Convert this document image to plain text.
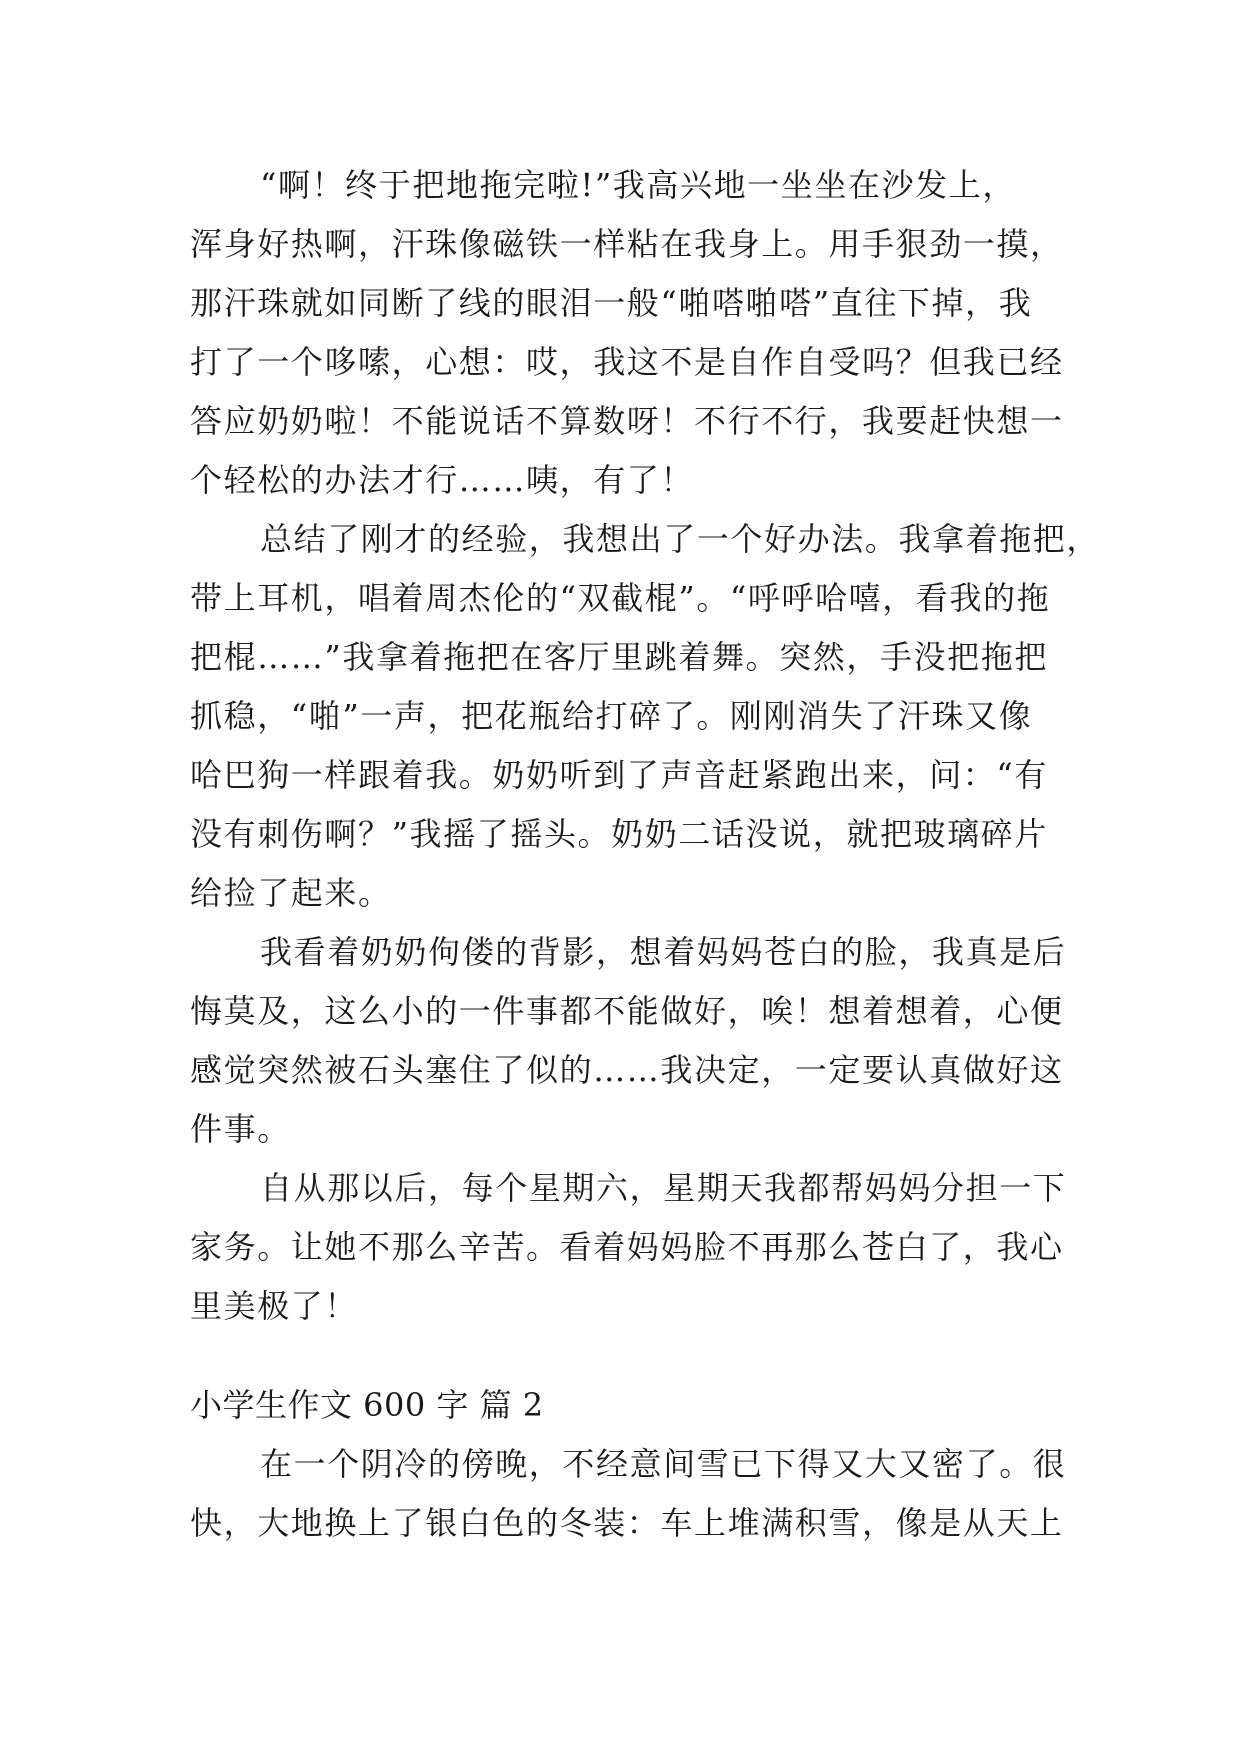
“啊！终于把地拖完啦!”我高兴地一坐坐在沙发上，
浑身好热啊，汗珠像磁铁一样粘在我身上。用手狠劲一摸，
那汗珠就如同断了线的眼泪一般“啪嗒啪嗒”直往下掉，我
打了一个哆嗦，心想：哎，我这不是自作自受吗？但我已经
答应奶奶啦！不能说话不算数呀！不行不行，我要赶快想一
个轻松的办法才行……咦，有了！
总结了刚才的经验，我想出了一个好办法。我拿着拖把，
带上耳机，唱着周杰伦的“双截棍”。“呼呼哈嘻，看我的拖
把棍……”我拿着拖把在客厅里跳着舞。突然，手没把拖把
抓稳，“啪”一声，把花瓶给打碎了。刚刚消失了汗珠又像
哈巴狗一样跟着我。奶奶听到了声音赶紧跑出来，问：“有
没有刺伤啊？”我摇了摇头。奶奶二话没说，就把玻璃碎片
给捡了起来。
我看着奶奶佝偻的背影，想着妈妈苍白的脸，我真是后
悔莫及，这么小的一件事都不能做好，唉！想着想着，心便
感觉突然被石头塞住了似的……我决定，一定要认真做好这
件事。
自从那以后，每个星期六，星期天我都帮妈妈分担一下
家务。让她不那么辛苦。看着妈妈脸不再那么苍白了，我心
里美极了！
小学生作文 600 字 篇 2
在一个阴冷的傍晚，不经意间雪已下得又大又密了。很
快，大地换上了银白色的冬装：车上堆满积雪，像是从天上
